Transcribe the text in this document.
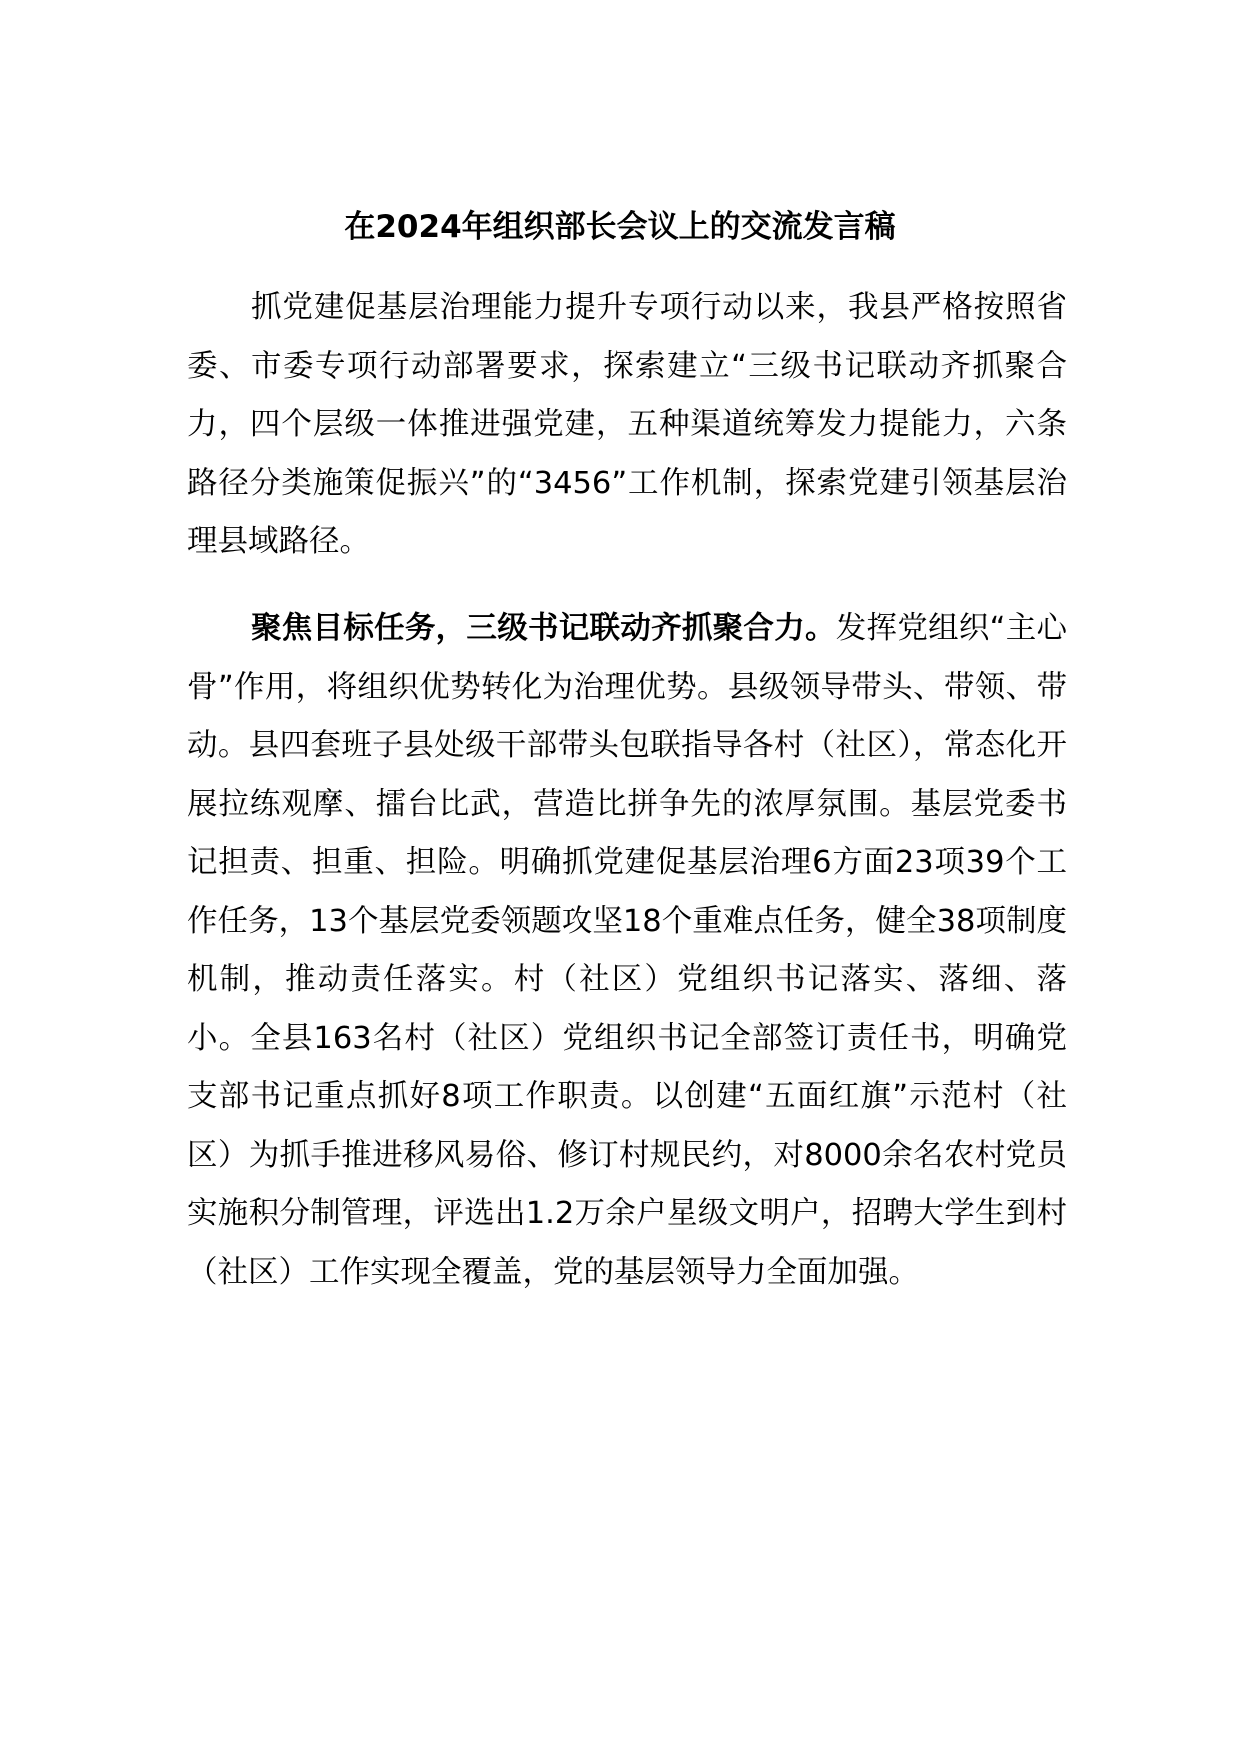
在2024年组织部长会议上的交流发言稿

抓党建促基层治理能力提升专项行动以来，我县严格按照省委、市委专项行动部署要求，探索建立“三级书记联动齐抓聚合力，四个层级一体推进强党建，五种渠道统筹发力提能力，六条路径分类施策促振兴”的“3456”工作机制，探索党建引领基层治理县域路径。

聚焦目标任务，三级书记联动齐抓聚合力。发挥党组织“主心骨”作用，将组织优势转化为治理优势。县级领导带头、带领、带动。县四套班子县处级干部带头包联指导各村（社区），常态化开展拉练观摩、擂台比武，营造比拼争先的浓厚氛围。基层党委书记担责、担重、担险。明确抓党建促基层治理6方面23项39个工作任务，13个基层党委领题攻坚18个重难点任务，健全38项制度机制，推动责任落实。村（社区）党组织书记落实、落细、落小。全县163名村（社区）党组织书记全部签订责任书，明确党支部书记重点抓好8项工作职责。以创建“五面红旗”示范村（社区）为抓手推进移风易俗、修订村规民约，对8000余名农村党员实施积分制管理，评选出1.2万余户星级文明户，招聘大学生到村（社区）工作实现全覆盖，党的基层领导力全面加强。
